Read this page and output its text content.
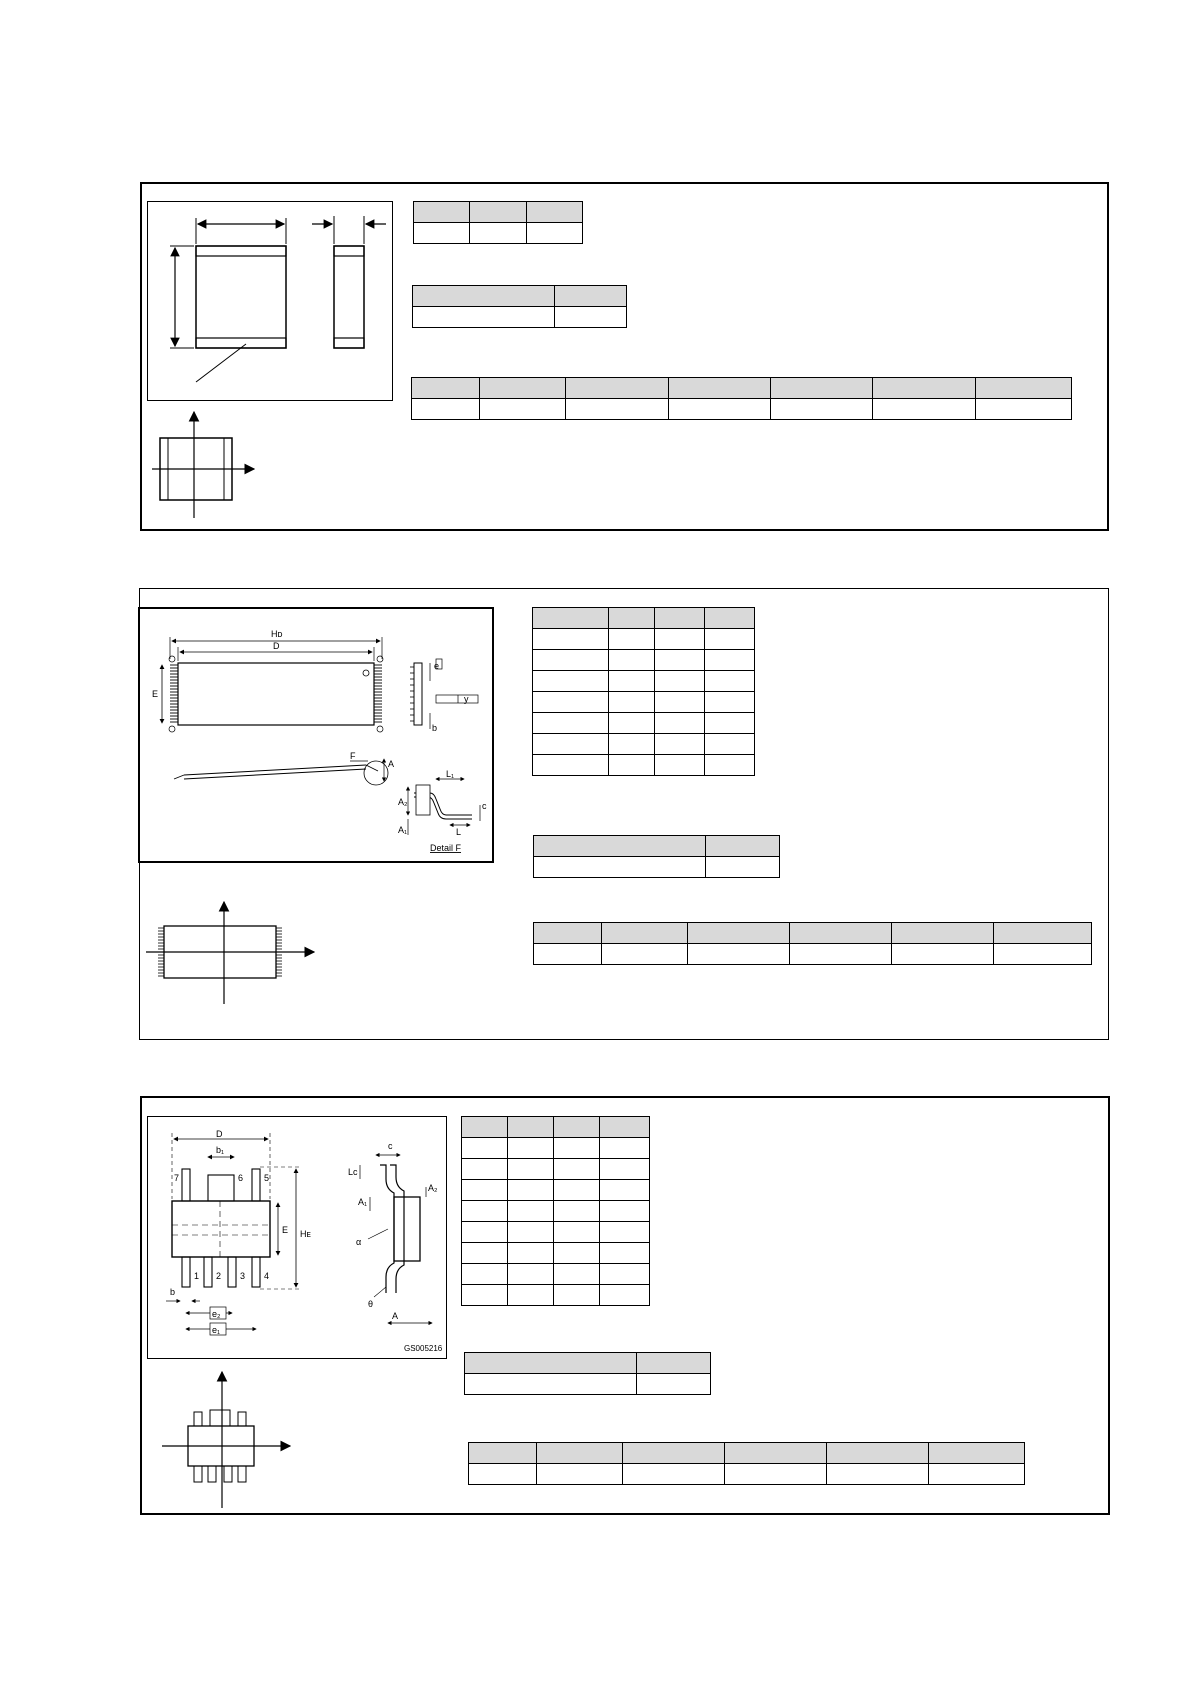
Hᴅ
D
E
F
A
e
y
b
L₁
L
A₂
A₁
c
Detail F

1 2 3 4
5
6
7
D
b₁
E Hᴇ
b
e₂
e₁
c
Lc
A₁
A₂
α
θ
A
GS005216
